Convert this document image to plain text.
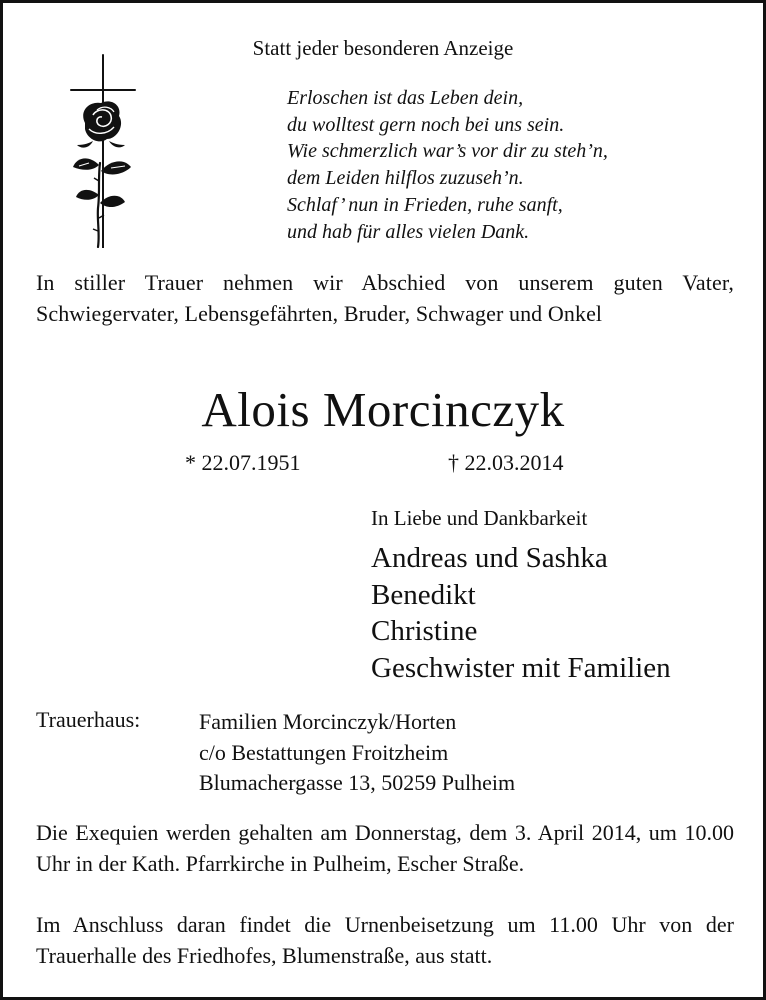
Statt jeder besonderen Anzeige
Erloschen ist das Leben dein,
du wolltest gern noch bei uns sein.
Wie schmerzlich war’s vor dir zu steh’n,
dem Leiden hilflos zuzuseh’n.
Schlaf’ nun in Frieden, ruhe sanft,
und hab für alles vielen Dank.
In stiller Trauer nehmen wir Abschied von unserem guten Vater, Schwiegervater, Lebensgefährten, Bruder, Schwager und Onkel
Alois Morcinczyk
* 22.07.1951	† 22.03.2014
In Liebe und Dankbarkeit
Andreas und Sashka
Benedikt
Christine
Geschwister mit Familien
Trauerhaus:	Familien Morcinczyk/Horten
c/o Bestattungen Froitzheim
Blumachergasse 13, 50259 Pulheim
Die Exequien werden gehalten am Donnerstag, dem 3. April 2014, um 10.00 Uhr in der Kath. Pfarrkirche in Pulheim, Escher Straße.
Im Anschluss daran findet die Urnenbeisetzung um 11.00 Uhr von der Trauerhalle des Friedhofes, Blumenstraße, aus statt.
